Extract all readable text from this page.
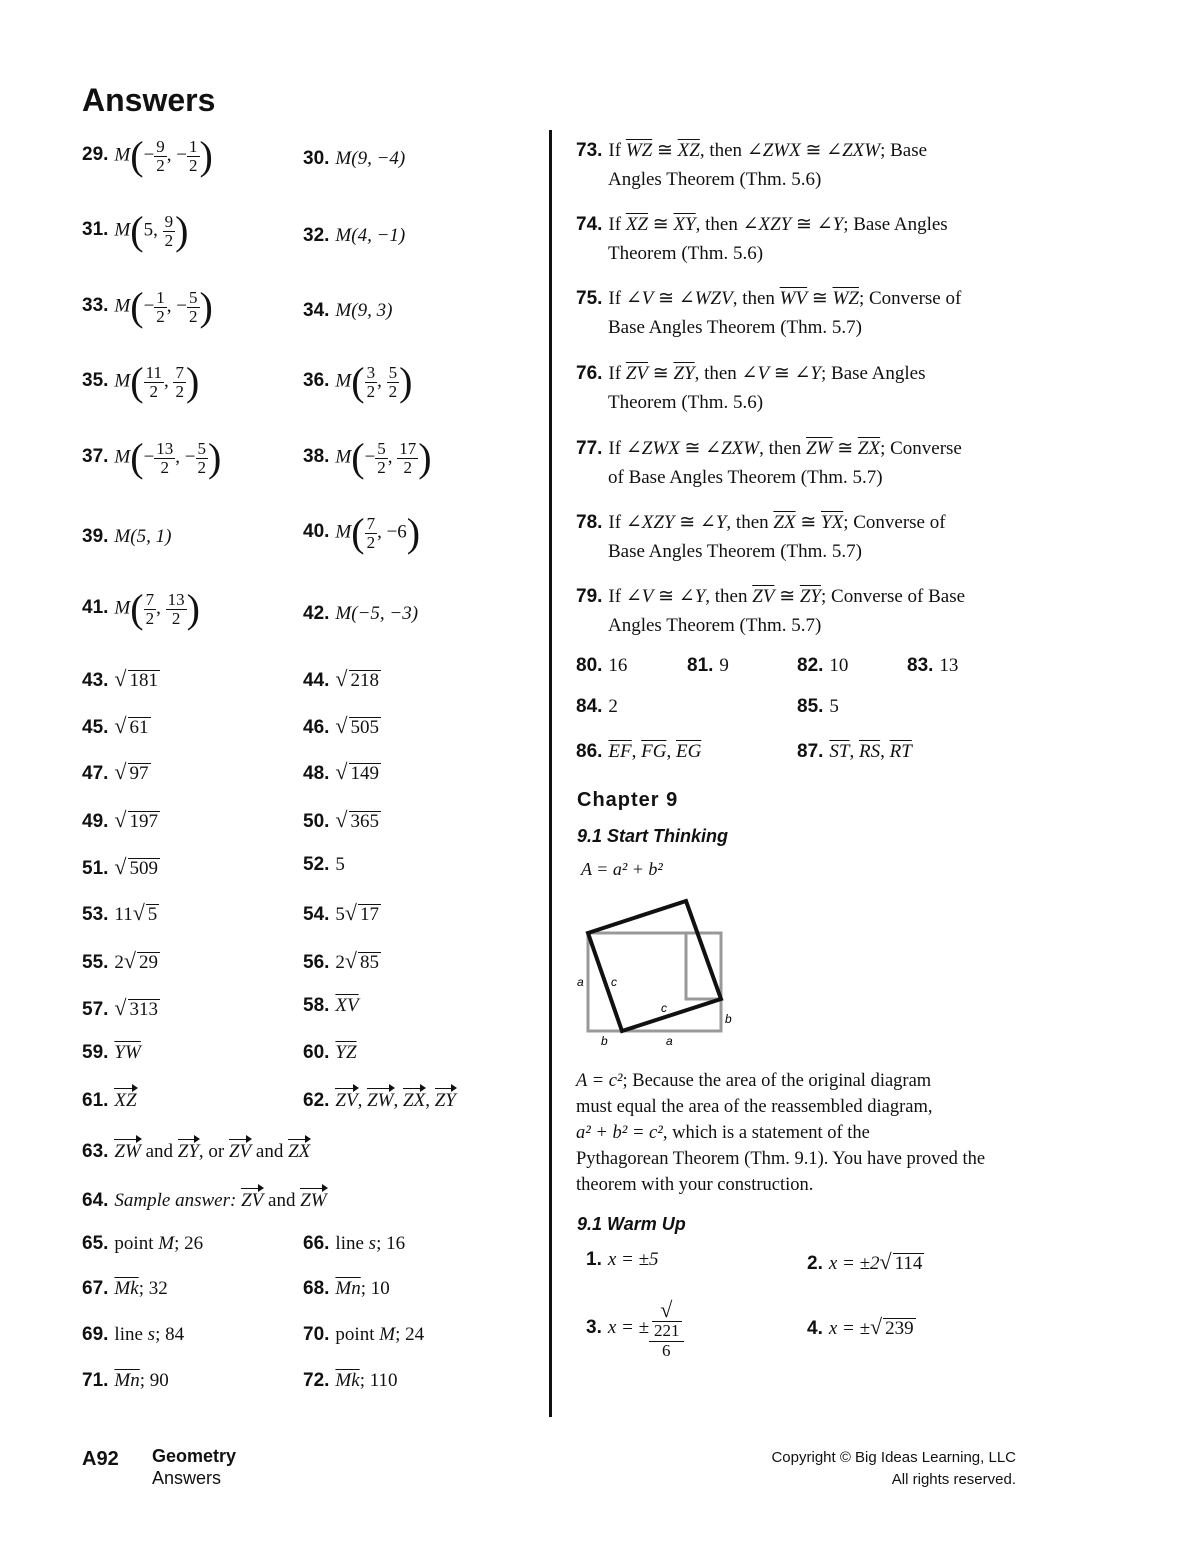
Answers
29. $M(- \frac{9}{2}$ , − $\frac{1}{2}$ )	30. M(9, −4)
31. M(5, $\frac{9}{2}$ )	32. M(4, −1)
33. $M(- \frac{1}{2}$ , − $\frac{5}{2}$ )	34. M(9, 3)
35. $M( \frac{11}{2}$ , $\frac{7}{2}$ )	36. $M( \frac{3}{2}$ , $\frac{5}{2}$ )
37. $M(- \frac{13}{2}$ , − $\frac{5}{2}$ )	38. $M(- \frac{5}{2}$ , $\frac{17}{2}$ )
39. M(5, 1)	40. $M( \frac{7}{2}$ , −6)
41. $M( \frac{7}{2}$ , $\frac{13}{2}$ )	42. M(−5, −3)
43. √ 181	44. √ 218
45. √ 61	46. √ 505
47. √ 97	48. √ 149
49. √ 197	50. √ 365
51. √ 509	52. 5
53. 11√ 5	54. 5√ 17
55. 2√ 29	56. 2√ 85
57. √ 313	58. $\overline{XV}$
59. $\overline{YW}$	60. $\overline{YZ}$
61. XZ	62. ZV, ZW, ZX, ZY
63. ZW and ZY, or ZV and ZX
64. Sample answer: ZV and ZW
65. point M; 26	66. line s; 16
67. $\overline{Mk}$; 32	68. $\overline{Mn}$; 10
69. line s; 84	70. point M; 24
71. $\overline{Mn}$; 90	72. $\overline{Mk}$; 110
73. If $\overline{WZ}$ ≅ $\overline{XZ}$, then ∠ZWX ≅ ∠ZXW; Base
Angles Theorem (Thm. 5.6)
74. If $\overline{XZ}$ ≅ $\overline{XY}$, then ∠XZY ≅ ∠Y; Base Angles
Theorem (Thm. 5.6)
75. If ∠V ≅ ∠WZV, then $\overline{WV}$ ≅ $\overline{WZ}$; Converse of
Base Angles Theorem (Thm. 5.7)
76. If $\overline{ZV}$ ≅ $\overline{ZY}$, then ∠V ≅ ∠Y; Base Angles
Theorem (Thm. 5.6)
77. If ∠ZWX ≅ ∠ZXW, then $\overline{ZW}$ ≅ $\overline{ZX}$; Converse
of Base Angles Theorem (Thm. 5.7)
78. If ∠XZY ≅ ∠Y, then $\overline{ZX}$ ≅ $\overline{YX}$; Converse of
Base Angles Theorem (Thm. 5.7)
79. If ∠V ≅ ∠Y, then $\overline{ZV}$ ≅ $\overline{ZY}$; Converse of Base
Angles Theorem (Thm. 5.7)
80. 16	81. 9	82. 10	83. 13
84. 2	85. 5
86. $\overline{EF}$, $\overline{FG}$, $\overline{EG}$	87. $\overline{ST}$, $\overline{RS}$, $\overline{RT}$
Chapter 9
9.1 Start Thinking
A = a² + b²
a c
c
b
b	a
A = c²; Because the area of the original diagram
must equal the area of the reassembled diagram,
a² + b² = c², which is a statement of the
Pythagorean Theorem (Thm. 9.1). You have proved the
theorem with your construction.
9.1 Warm Up
1. x = ±5	2. x = ±2√ 114
3. x = ± √
221
6	4. x = ±√ 239
A92 Geometry
Answers
Copyright © Big Ideas Learning, LLC
All rights reserved.
